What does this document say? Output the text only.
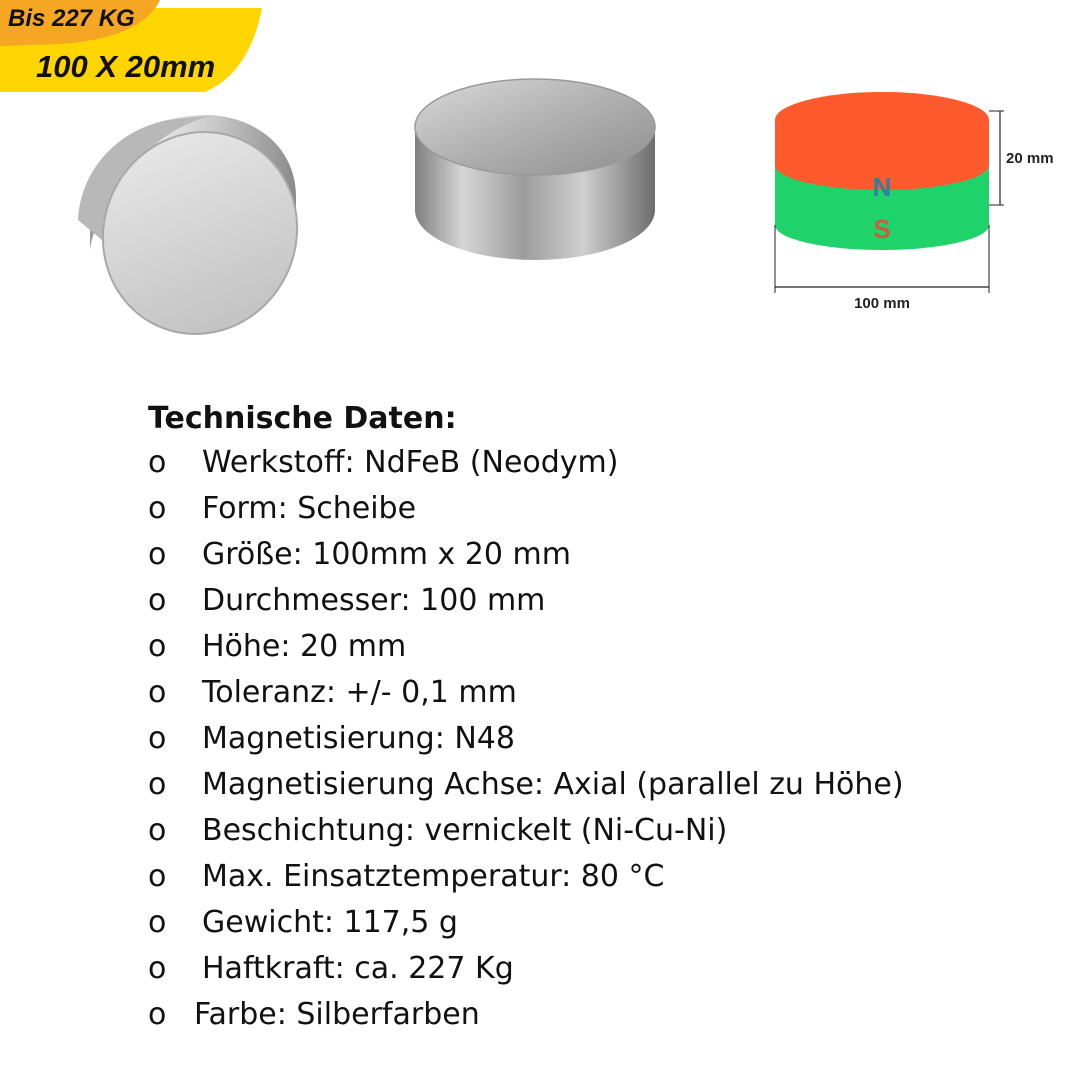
Bis 227 KG
100 X 20mm
N
S
20 mm
100 mm
Technische Daten:
o	Werkstoff: NdFeB (Neodym)
o	Form: Scheibe
o	Größe: 100mm x 20 mm
o	Durchmesser: 100 mm
o	Höhe: 20 mm
o	Toleranz: +/- 0,1 mm
o	Magnetisierung: N48
o	Magnetisierung Achse: Axial (parallel zu Höhe)
o	Beschichtung: vernickelt (Ni-Cu-Ni)
o	Max. Einsatztemperatur: 80 °C
o	Gewicht: 117,5 g
o	Haftkraft: ca. 227 Kg
o Farbe: Silberfarben
